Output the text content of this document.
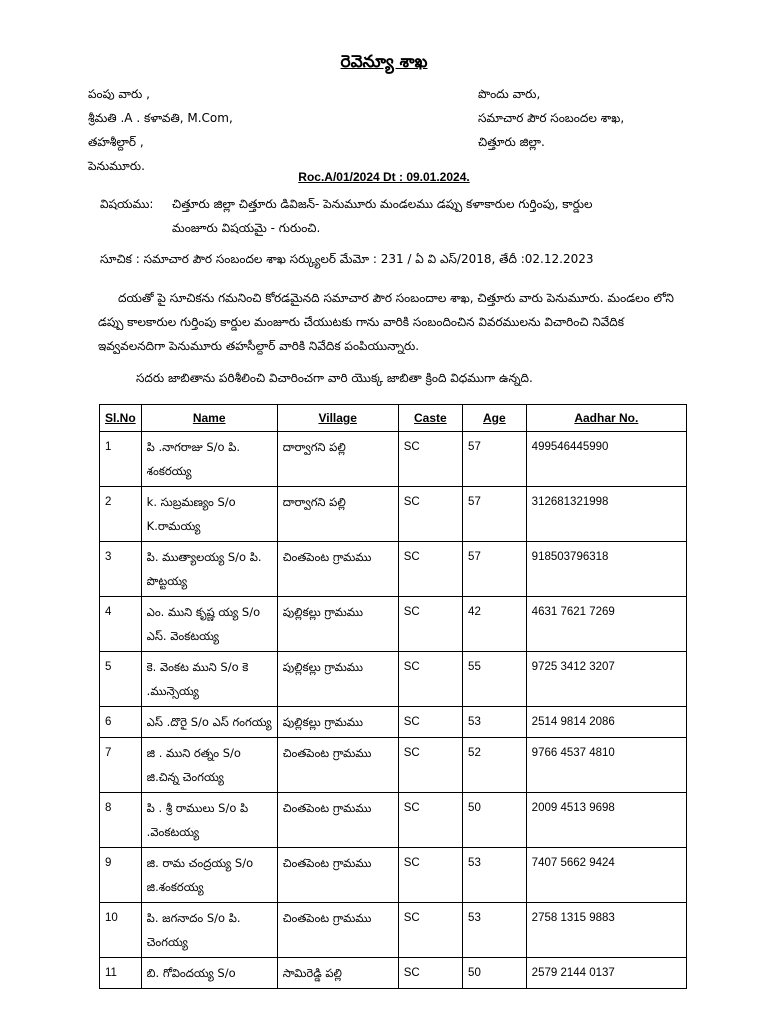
రెవెన్యూ శాఖ
పంపు వారు ,
శ్రీమతి .A . కళావతి, M.Com,
తహశీల్దార్ ,
పెనుమూరు.
పొందు వారు,
సమాచార పౌర సంబందల శాఖ,
చిత్తూరు జిల్లా.
Roc.A/01/2024 Dt : 09.01.2024.
విషయము: చిత్తూరు జిల్లా చిత్తూరు డివిజన్- పెనుమూరు మండలము డప్పు కళాకారుల గుర్తింపు, కార్డుల
మంజూరు విషయమై - గురుంచి.
సూచిక : సమాచార పౌర సంబందల శాఖ సర్క్యులర్ మేమో : 231 / ఏ వి ఎస్/2018, తేదీ :02.12.2023
దయతో పై సూచికను గమనించి కోరడమైనది సమాచార పౌర సంబందాల శాఖ, చిత్తూరు వారు పెనుమూరు. మండలం లోని డప్పు కాలకారుల గుర్తింపు కార్డుల మంజూరు చేయుటకు గాను వారికి సంబందించిన వివరములను విచారించి నివేదిక ఇవ్వవలనదిగా పెనుమూరు తహసీల్దార్ వారికి నివేదిక పంపియున్నారు.
సదరు జాబితాను పరిశీలించి విచారించగా వారి యొక్క జాబితా క్రింది విధముగా ఉన్నది.
Sl.No	Name	Village	Caste	Age	Aadhar No.
1	పి .నాగరాజు S/o పి. శంకరయ్య	దార్వాగని పల్లి	SC	57	499546445990
2	k. సుబ్రమణ్యం S/o K.రామయ్య	దార్వాగని పల్లి	SC	57	312681321998
3	పి. ముత్యాలయ్య S/o పి. పొట్టయ్య	చింతపెంట గ్రామము	SC	57	918503796318
4	ఎం. ముని కృష్ణ య్య S/o ఎస్. వెంకటయ్య	పుల్లికల్లు గ్రామము	SC	42	4631 7621 7269
5	కె. వెంకట ముని S/o కె .మున్సెయ్య	పుల్లికల్లు గ్రామము	SC	55	9725 3412 3207
6	ఎస్ .దొరై S/o ఎస్ గంగయ్య	పుల్లికల్లు గ్రామము	SC	53	2514 9814 2086
7	జి . ముని రత్నం S/o జి.చిన్న చెంగయ్య	చింతపెంట గ్రామము	SC	52	9766 4537 4810
8	పి . శ్రీ రాములు S/o పి .వెంకటయ్య	చింతపెంట గ్రామము	SC	50	2009 4513 9698
9	జి. రామ చంద్రయ్య S/o జి.శంకరయ్య	చింతపెంట గ్రామము	SC	53	7407 5662 9424
10	పి. జగనాదం S/o పి. చెంగయ్య	చింతపెంట గ్రామము	SC	53	2758 1315 9883
11	బి. గోవిందయ్య S/o	సామిరెడ్డి పల్లి	SC	50	2579 2144 0137
